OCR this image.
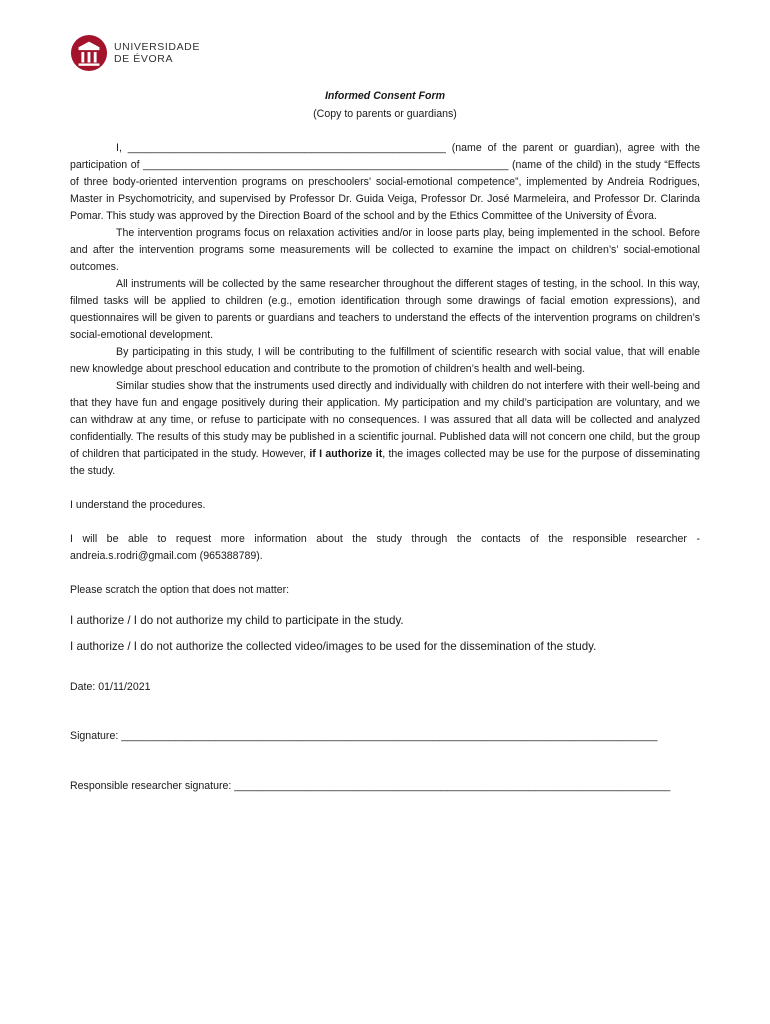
UNIVERSIDADE
DE ÉVORA

Informed Consent Form

(Copy to parents or guardians)

I, ______________________________________________________ (name of the parent or guardian), agree with the participation of ______________________________________________________________ (name of the child) in the study “Effects of three body-oriented intervention programs on preschoolers' social-emotional competence”, implemented by Andreia Rodrigues, Master in Psychomotricity, and supervised by Professor Dr. Guida Veiga, Professor Dr. José Marmeleira, and Professor Dr. Clarinda Pomar. This study was approved by the Direction Board of the school and by the Ethics Committee of the University of Évora.

The intervention programs focus on relaxation activities and/or in loose parts play, being implemented in the school. Before and after the intervention programs some measurements will be collected to examine the impact on children’s’ social-emotional outcomes.

All instruments will be collected by the same researcher throughout the different stages of testing, in the school. In this way, filmed tasks will be applied to children (e.g., emotion identification through some drawings of facial emotion expressions), and questionnaires will be given to parents or guardians and teachers to understand the effects of the intervention programs on children’s social-emotional development.

By participating in this study, I will be contributing to the fulfillment of scientific research with social value, that will enable new knowledge about preschool education and contribute to the promotion of children’s health and well-being.

Similar studies show that the instruments used directly and individually with children do not interfere with their well-being and that they have fun and engage positively during their application. My participation and my child’s participation are voluntary, and we can withdraw at any time, or refuse to participate with no consequences. I was assured that all data will be collected and analyzed confidentially. The results of this study may be published in a scientific journal. Published data will not concern one child, but the group of children that participated in the study. However, if I authorize it, the images collected may be use for the purpose of disseminating the study.

I understand the procedures.

I will be able to request more information about the study through the contacts of the responsible researcher - andreia.s.rodri@gmail.com (965388789).

Please scratch the option that does not matter:

I authorize / I do not authorize my child to participate in the study.

I authorize / I do not authorize the collected video/images to be used for the dissemination of the study.

Date: 01/11/2021

Signature: ___________________________________________________________________________________________

Responsible researcher signature: __________________________________________________________________________
